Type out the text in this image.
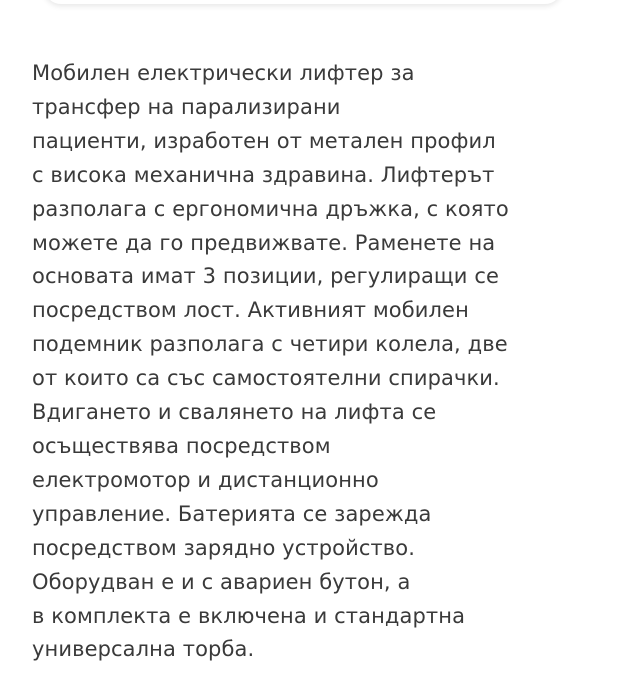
Мобилен електрически лифтер за
трансфер на парализирани
пациенти, изработен от метален профил
с висока механична здравина. Лифтерът
разполага с ергономична дръжка, с която
можете да го предвижвате. Рамeнете на
основата имат 3 позиции, регулиращи се
посредством лост. Активният мобилен
подемник разполага с четири колела, две
от които са със самостоятелни спирачки.
Вдигането и свалянето на лифта се
осъществява посредством
електромотор и дистанционно
управление. Батерията се зарежда
посредством зарядно устройство.
Оборудван е и с авариен бутон, а
в комплекта е включена и стандартна
универсална торба.
